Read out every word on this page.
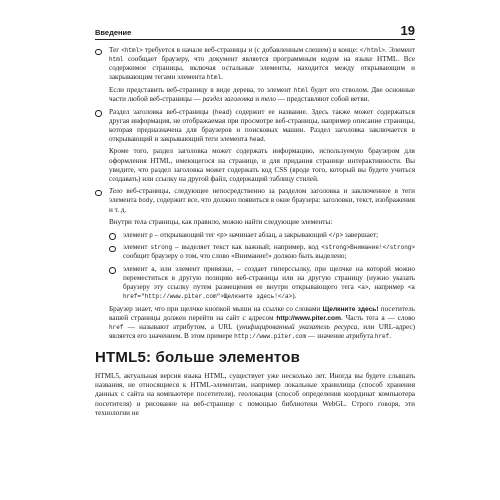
Введение	19

Тег <html> требуется в начале веб-страницы и (с добавленным слешем) в конце: </html>. Элемент html сообщает браузеру, что документ является программным кодом на языке HTML. Все содержимое страницы, включая остальные элементы, находится между открывающим и закрывающим тегами элемента html.

Если представить веб-страницу в виде дерева, то элемент html будет его стволом. Две основные части любой веб-страницы — раздел заголовка и тело — представляют собой ветви.

Раздел заголовка веб-страницы (head) содержит ее название. Здесь также может содержаться другая информация, не отображаемая при просмотре веб-страницы, например описание страницы, которая предназначена для браузеров и поисковых машин. Раздел заголовка заключается в открывающий и закрывающий теги элемента head.

Кроме того, раздел заголовка может содержать информацию, используемую браузером для оформления HTML, имеющегося на странице, и для придания странице интерактивности. Вы увидите, что раздел заголовка может содержать код CSS (вроде того, который вы будете учиться создавать) или ссылку на другой файл, содержащий таблицу стилей.

Тело веб-страницы, следующее непосредственно за разделом заголовка и заключенное в теги элемента body, содержит все, что должно появиться в окне браузера: заголовки, текст, изображения и т. д.

Внутри тела страницы, как правило, можно найти следующие элементы:

элемент p – открывающий тег <p> начинает абзац, а закрывающий </p> завершает;

элемент strong – выделяет текст как важный; например, код <strong>Внимание!</strong> сообщит браузеру о том, что слово «Внимание!» должно быть выделено;

элемент a, или элемент привязки, – создает гиперссылку, при щелчке на которой можно переместиться в другую позицию веб-страницы или на другую страницу (нужно указать браузеру эту ссылку путем размещения ее внутри открывающего тега <a>, например <a href="http://www.piter.com">Щелкните здесь!</a>).

Браузер знает, что при щелчке кнопкой мыши на ссылке со словами Щелкните здесь! посетитель вашей страницы должен перейти на сайт с адресом http://www.piter.com. Часть тега a — слово href — называют атрибутом, а URL (унифицированный указатель ресурса, или URL-адрес) является его значением. В этом примере http://www.piter.com — значение атрибута href.

HTML5: больше элементов

HTML5, актуальная версия языка HTML, существует уже несколько лет. Иногда вы будете слышать названия, не относящиеся к HTML-элементам, например локальные хранилища (способ хранения данных с сайта на компьютере посетителя), геолокация (способ определения координат компьютера посетителя) и рисование на веб-странице с помощью библиотеки WebGL. Строго говоря, эти технологии не
